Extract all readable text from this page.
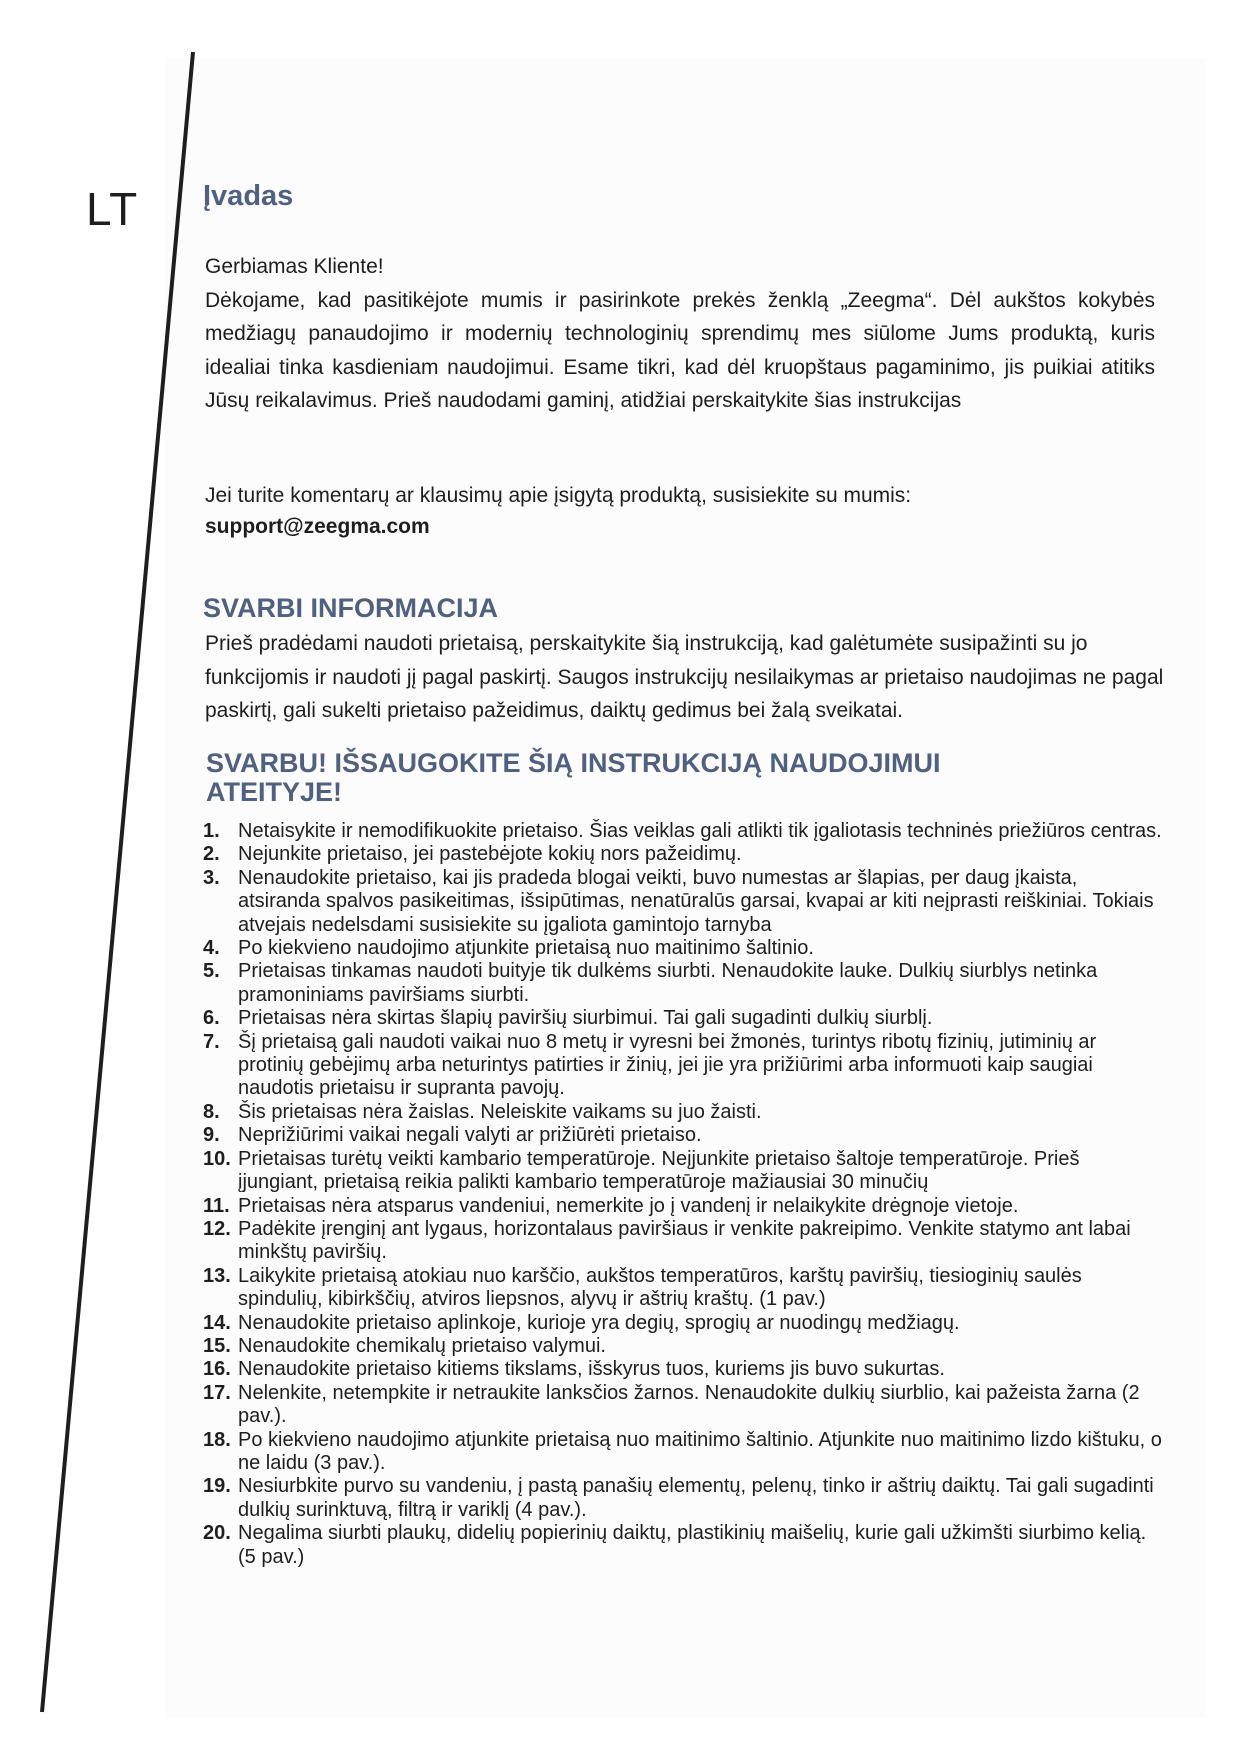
LT Įvadas

Gerbiamas Kliente!

Dėkojame, kad pasitikėjote mumis ir pasirinkote prekės ženklą „Zeegma“. Dėl aukštos kokybės medžiagų panaudojimo ir modernių technologinių sprendimų mes siūlome Jums produktą, kuris idealiai tinka kasdieniam naudojimui. Esame tikri, kad dėl kruopštaus pagaminimo, jis puikiai atitiks Jūsų reikalavimus. Prieš naudodami gaminį, atidžiai perskaitykite šias instrukcijas

Jei turite komentarų ar klausimų apie įsigytą produktą, susisiekite su mumis:

support@zeegma.com

SVARBI INFORMACIJA
Prieš pradėdami naudoti prietaisą, perskaitykite šią instrukciją, kad galėtumėte susipažinti su jo funkcijomis ir naudoti jį pagal paskirtį. Saugos instrukcijų nesilaikymas ar prietaiso naudojimas ne pagal paskirtį, gali sukelti prietaiso pažeidimus, daiktų gedimus bei žalą sveikatai.
SVARBU! IŠSAUGOKITE ŠIĄ INSTRUKCIJĄ NAUDOJIMUI ATEITYJE!
1. Netaisykite ir nemodifikuokite prietaiso. Šias veiklas gali atlikti tik įgaliotasis techninės priežiūros centras.
2. Nejunkite prietaiso, jei pastebėjote kokių nors pažeidimų.
3. Nenaudokite prietaiso, kai jis pradeda blogai veikti, buvo numestas ar šlapias, per daug įkaista, atsiranda spalvos pasikeitimas, išsipūtimas, nenatūralūs garsai, kvapai ar kiti neįprasti reiškiniai. Tokiais atvejais nedelsdami susisiekite su įgaliota gamintojo tarnyba
4. Po kiekvieno naudojimo atjunkite prietaisą nuo maitinimo šaltinio.
5. Prietaisas tinkamas naudoti buityje tik dulkėms siurbti. Nenaudokite lauke. Dulkių siurblys netinka pramoniniams paviršiams siurbti.
6. Prietaisas nėra skirtas šlapių paviršių siurbimui. Tai gali sugadinti dulkių siurblį.
7. Šį prietaisą gali naudoti vaikai nuo 8 metų ir vyresni bei žmonės, turintys ribotų fizinių, jutiminių ar protinių gebėjimų arba neturintys patirties ir žinių, jei jie yra prižiūrimi arba informuoti kaip saugiai naudotis prietaisu ir supranta pavojų.
8. Šis prietaisas nėra žaislas. Neleiskite vaikams su juo žaisti.
9. Neprižiūrimi vaikai negali valyti ar prižiūrėti prietaiso.
10. Prietaisas turėtų veikti kambario temperatūroje. Neįjunkite prietaiso šaltoje temperatūroje. Prieš įjungiant, prietaisą reikia palikti kambario temperatūroje mažiausiai 30 minučių
11. Prietaisas nėra atsparus vandeniui, nemerkite jo į vandenį ir nelaikykite drėgnoje vietoje.
12. Padėkite įrenginį ant lygaus, horizontalaus paviršiaus ir venkite pakreipimo. Venkite statymo ant labai minkštų paviršių.
13. Laikykite prietaisą atokiau nuo karščio, aukštos temperatūros, karštų paviršių, tiesioginių saulės spindulių, kibirkščių, atviros liepsnos, alyvų ir aštrių kraštų. (1 pav.)
14. Nenaudokite prietaiso aplinkoje, kurioje yra degių, sprogių ar nuodingų medžiagų.
15. Nenaudokite chemikalų prietaiso valymui.
16. Nenaudokite prietaiso kitiems tikslams, išskyrus tuos, kuriems jis buvo sukurtas.
17. Nelenkite, netempkite ir netraukite lanksčios žarnos. Nenaudokite dulkių siurblio, kai pažeista žarna (2 pav.).
18. Po kiekvieno naudojimo atjunkite prietaisą nuo maitinimo šaltinio. Atjunkite nuo maitinimo lizdo kištuku, o ne laidu (3 pav.).
19. Nesiurbkite purvo su vandeniu, į pastą panašių elementų, pelenų, tinko ir aštrių daiktų. Tai gali sugadinti dulkių surinktuvą, filtrą ir variklį (4 pav.).
20. Negalima siurbti plaukų, didelių popierinių daiktų, plastikinių maišelių, kurie gali užkimšti siurbimo kelią. (5 pav.)
